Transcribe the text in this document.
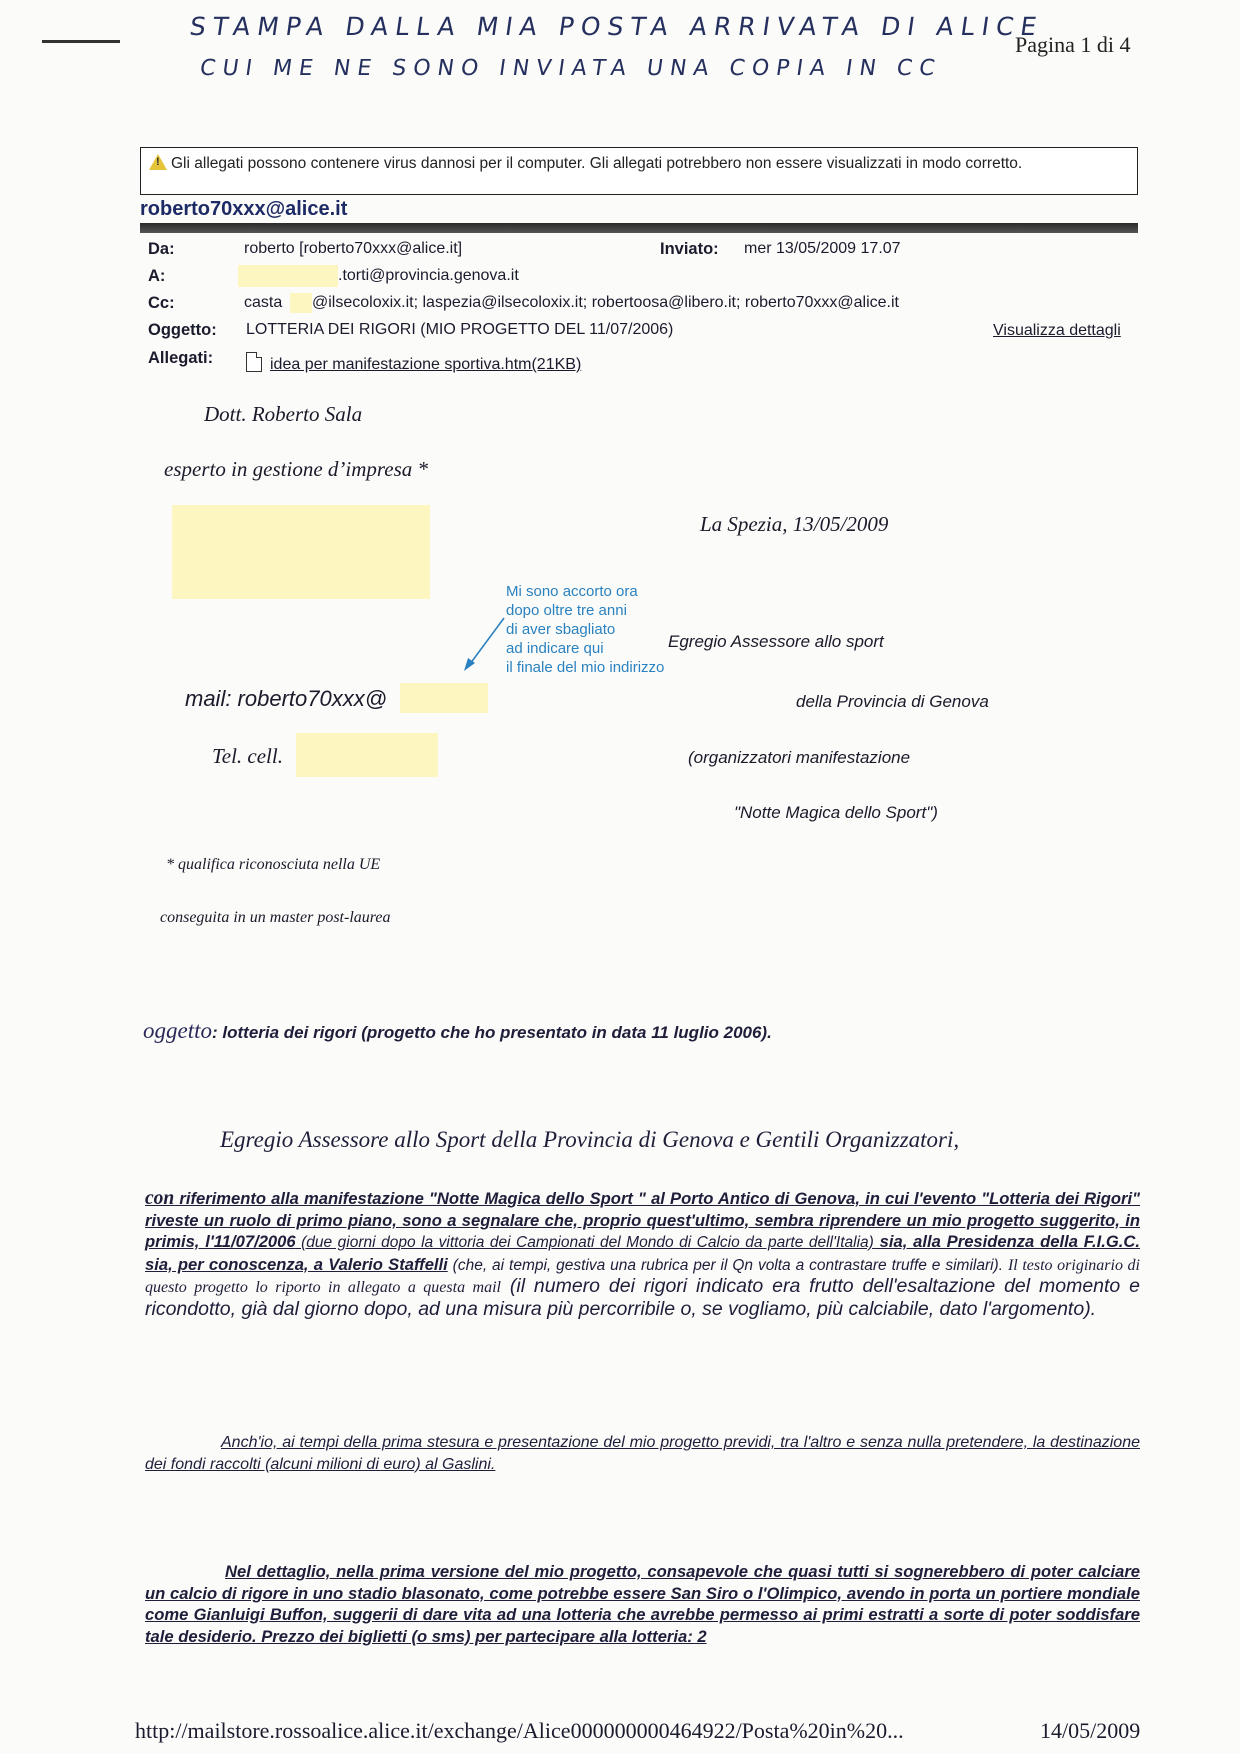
STAMPA DALLA MIA POSTA ARRIVATA DI ALICE
CUI ME NE SONO INVIATA UNA COPIA IN CC
Pagina 1 di 4
! Gli allegati possono contenere virus dannosi per il computer. Gli allegati potrebbero non essere visualizzati in modo corretto.
roberto70xxx@alice.it
Da:	roberto [roberto70xxx@alice.it]	Inviato: mer 13/05/2009 17.07
A:	.torti@provincia.genova.it
Cc:	casta @ilsecoloxix.it; laspezia@ilsecoloxix.it; robertoosa@libero.it; roberto70xxx@alice.it
Oggetto: LOTTERIA DEI RIGORI (MIO PROGETTO DEL 11/07/2006)	Visualizza dettagli
Allegati:	idea per manifestazione sportiva.htm(21KB)
Dott. Roberto Sala
esperto in gestione d’impresa *
La Spezia, 13/05/2009
Mi sono accorto ora
dopo oltre tre anni
di aver sbagliato
ad indicare qui
il finale del mio indirizzo
Egregio Assessore allo sport
mail: roberto70xxx@	della Provincia di Genova
Tel. cell.	(organizzatori manifestazione
"Notte Magica dello Sport")
* qualifica riconosciuta nella UE
conseguita in un master post-laurea
oggetto: lotteria dei rigori (progetto che ho presentato in data 11 luglio 2006).
Egregio Assessore allo Sport della Provincia di Genova e Gentili Organizzatori,
con riferimento alla manifestazione "Notte Magica dello Sport " al Porto Antico di Genova, in cui l'evento "Lotteria dei Rigori" riveste un ruolo di primo piano, sono a segnalare che, proprio quest'ultimo, sembra riprendere un mio progetto suggerito, in primis, l'11/07/2006 (due giorni dopo la vittoria dei Campionati del Mondo di Calcio da parte dell'Italia) sia, alla Presidenza della F.I.G.C. sia, per conoscenza, a Valerio Staffelli (che, ai tempi, gestiva una rubrica per il Qn volta a contrastare truffe e similari). Il testo originario di questo progetto lo riporto in allegato a questa mail (il numero dei rigori indicato era frutto dell'esaltazione del momento e ricondotto, già dal giorno dopo, ad una misura più percorribile o, se vogliamo, più calciabile, dato l'argomento).
Anch'io, ai tempi della prima stesura e presentazione del mio progetto previdi, tra l'altro e senza nulla pretendere, la destinazione dei fondi raccolti (alcuni milioni di euro) al Gaslini.
Nel dettaglio, nella prima versione del mio progetto, consapevole che quasi tutti si sognerebbero di poter calciare un calcio di rigore in uno stadio blasonato, come potrebbe essere San Siro o l'Olimpico, avendo in porta un portiere mondiale come Gianluigi Buffon, suggerii di dare vita ad una lotteria che avrebbe permesso ai primi estratti a sorte di poter soddisfare tale desiderio. Prezzo dei biglietti (o sms) per partecipare alla lotteria: 2
http://mailstore.rossoalice.alice.it/exchange/Alice000000000464922/Posta%20in%20...	14/05/2009
